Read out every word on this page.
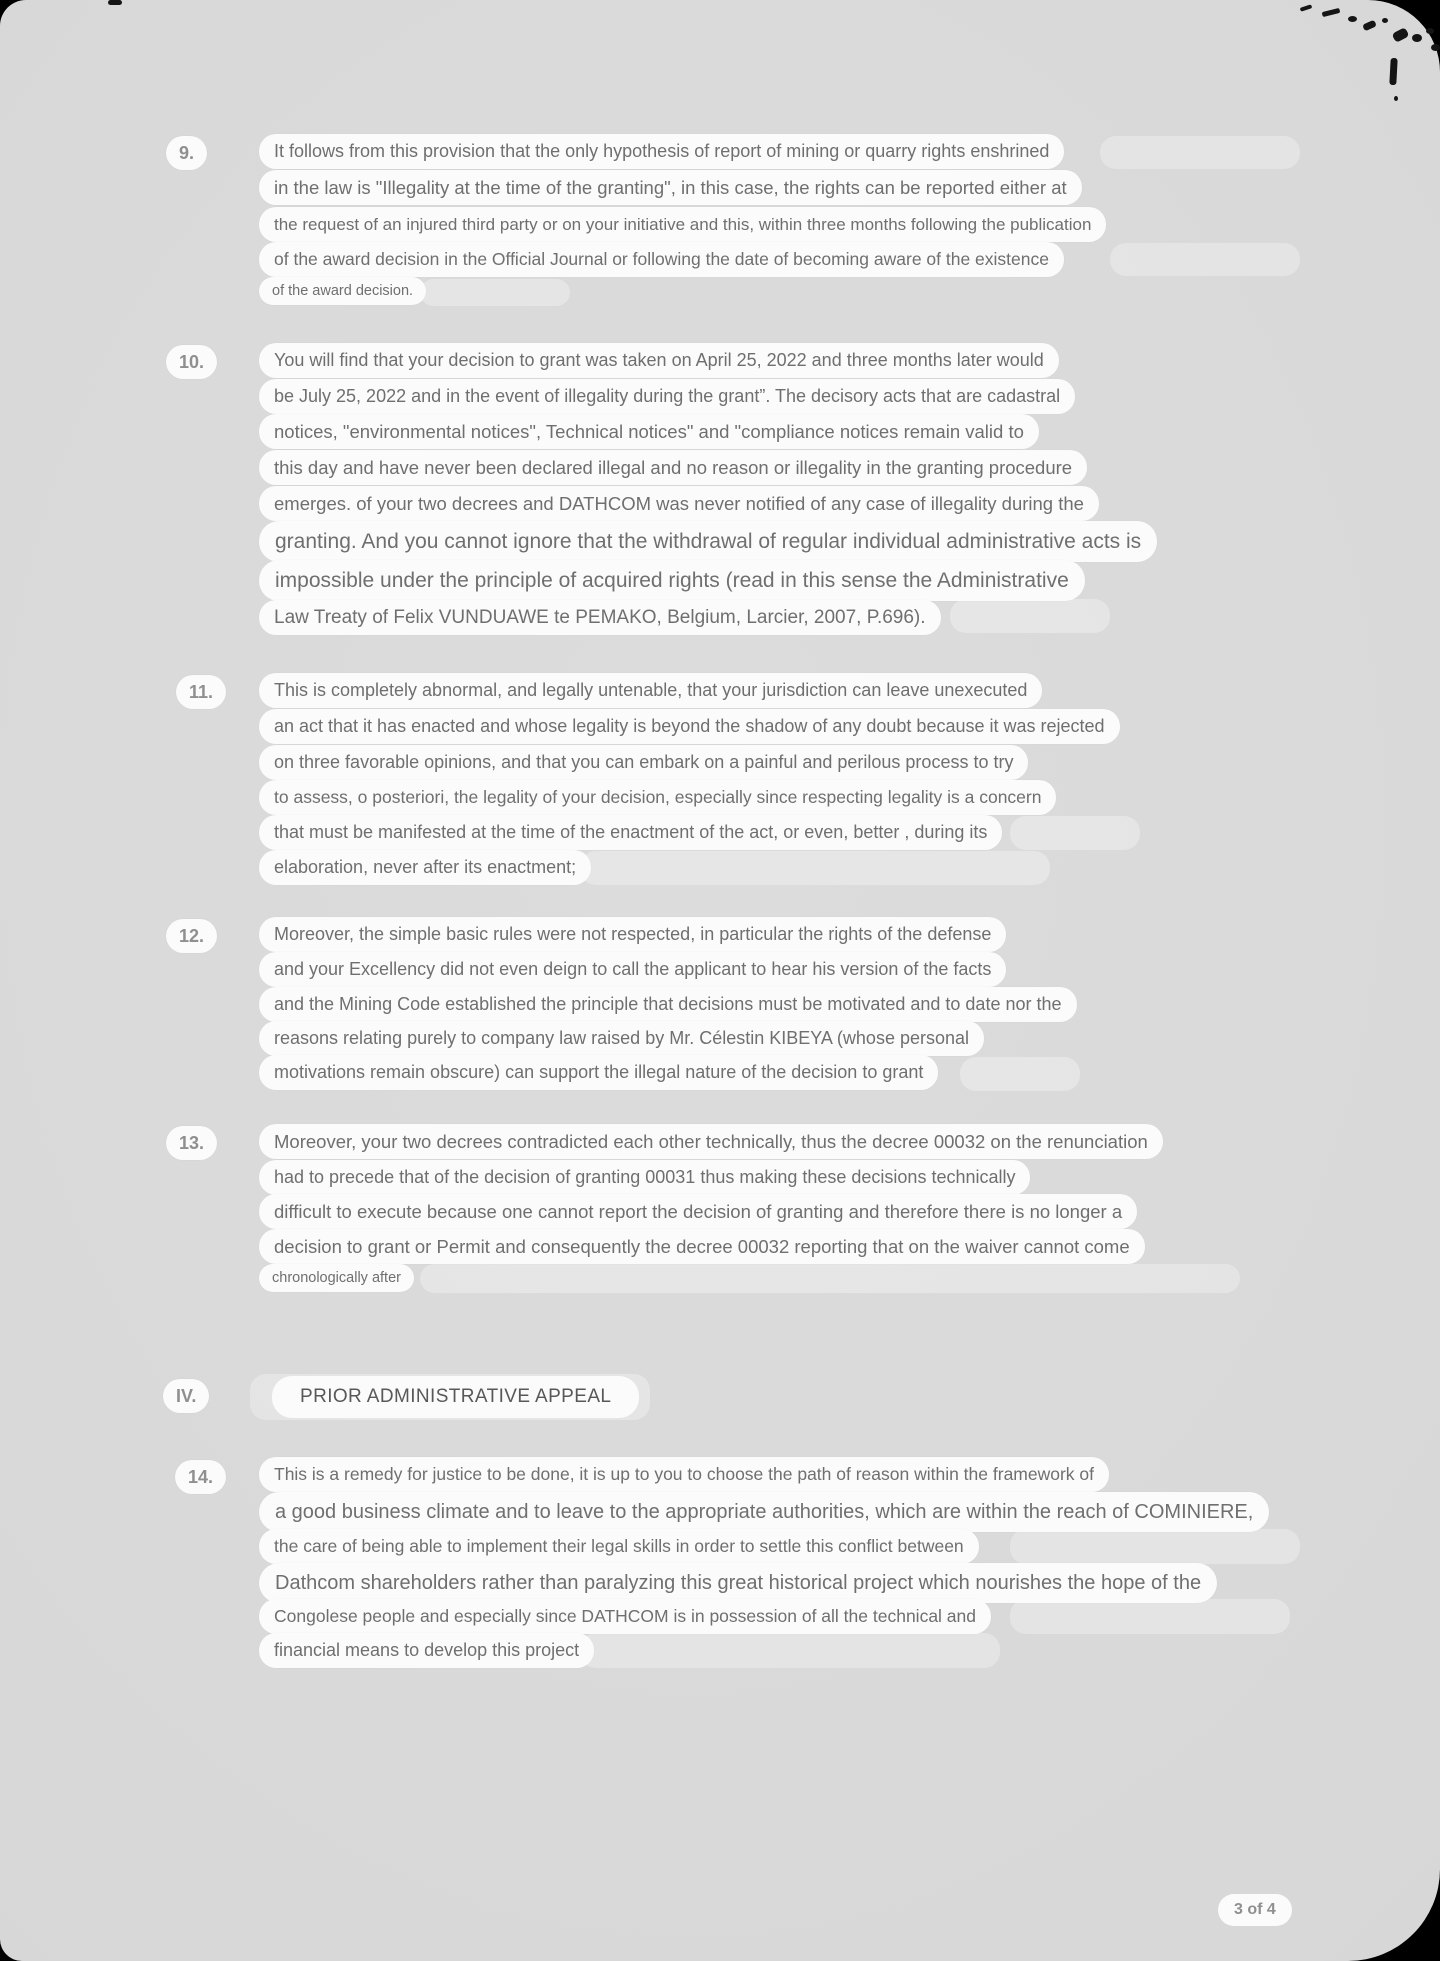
9.	It follows from this provision that the only hypothesis of report of mining or quarry rights enshrined
in the law is "Illegality at the time of the granting", in this case, the rights can be reported either at
the request of an injured third party or on your initiative and this, within three months following the publication
of the award decision in the Official Journal or following the date of becoming aware of the existence
of the award decision.
10.	You will find that your decision to grant was taken on April 25, 2022 and three months later would
be July 25, 2022 and in the event of illegality during the grant”. The decisory acts that are cadastral
notices, "environmental notices", Technical notices" and "compliance notices remain valid to
this day and have never been declared illegal and no reason or illegality in the granting procedure
emerges. of your two decrees and DATHCOM was never notified of any case of illegality during the
granting. And you cannot ignore that the withdrawal of regular individual administrative acts is
impossible under the principle of acquired rights (read in this sense the Administrative
Law Treaty of Felix VUNDUAWE te PEMAKO, Belgium, Larcier, 2007, P.696).
11.	This is completely abnormal, and legally untenable, that your jurisdiction can leave unexecuted
an act that it has enacted and whose legality is beyond the shadow of any doubt because it was rejected
on three favorable opinions, and that you can embark on a painful and perilous process to try
to assess, o posteriori, the legality of your decision, especially since respecting legality is a concern
that must be manifested at the time of the enactment of the act, or even, better , during its
elaboration, never after its enactment;
12.	Moreover, the simple basic rules were not respected, in particular the rights of the defense
and your Excellency did not even deign to call the applicant to hear his version of the facts
and the Mining Code established the principle that decisions must be motivated and to date nor the
reasons relating purely to company law raised by Mr. Célestin KIBEYA (whose personal
motivations remain obscure) can support the illegal nature of the decision to grant
13.	Moreover, your two decrees contradicted each other technically, thus the decree 00032 on the renunciation
had to precede that of the decision of granting 00031 thus making these decisions technically
difficult to execute because one cannot report the decision of granting and therefore there is no longer a
decision to grant or Permit and consequently the decree 00032 reporting that on the waiver cannot come
chronologically after
IV.	PRIOR ADMINISTRATIVE APPEAL
14.	This is a remedy for justice to be done, it is up to you to choose the path of reason within the framework of
a good business climate and to leave to the appropriate authorities, which are within the reach of COMINIERE,
the care of being able to implement their legal skills in order to settle this conflict between
Dathcom shareholders rather than paralyzing this great historical project which nourishes the hope of the
Congolese people and especially since DATHCOM is in possession of all the technical and
financial means to develop this project
3 of 4
